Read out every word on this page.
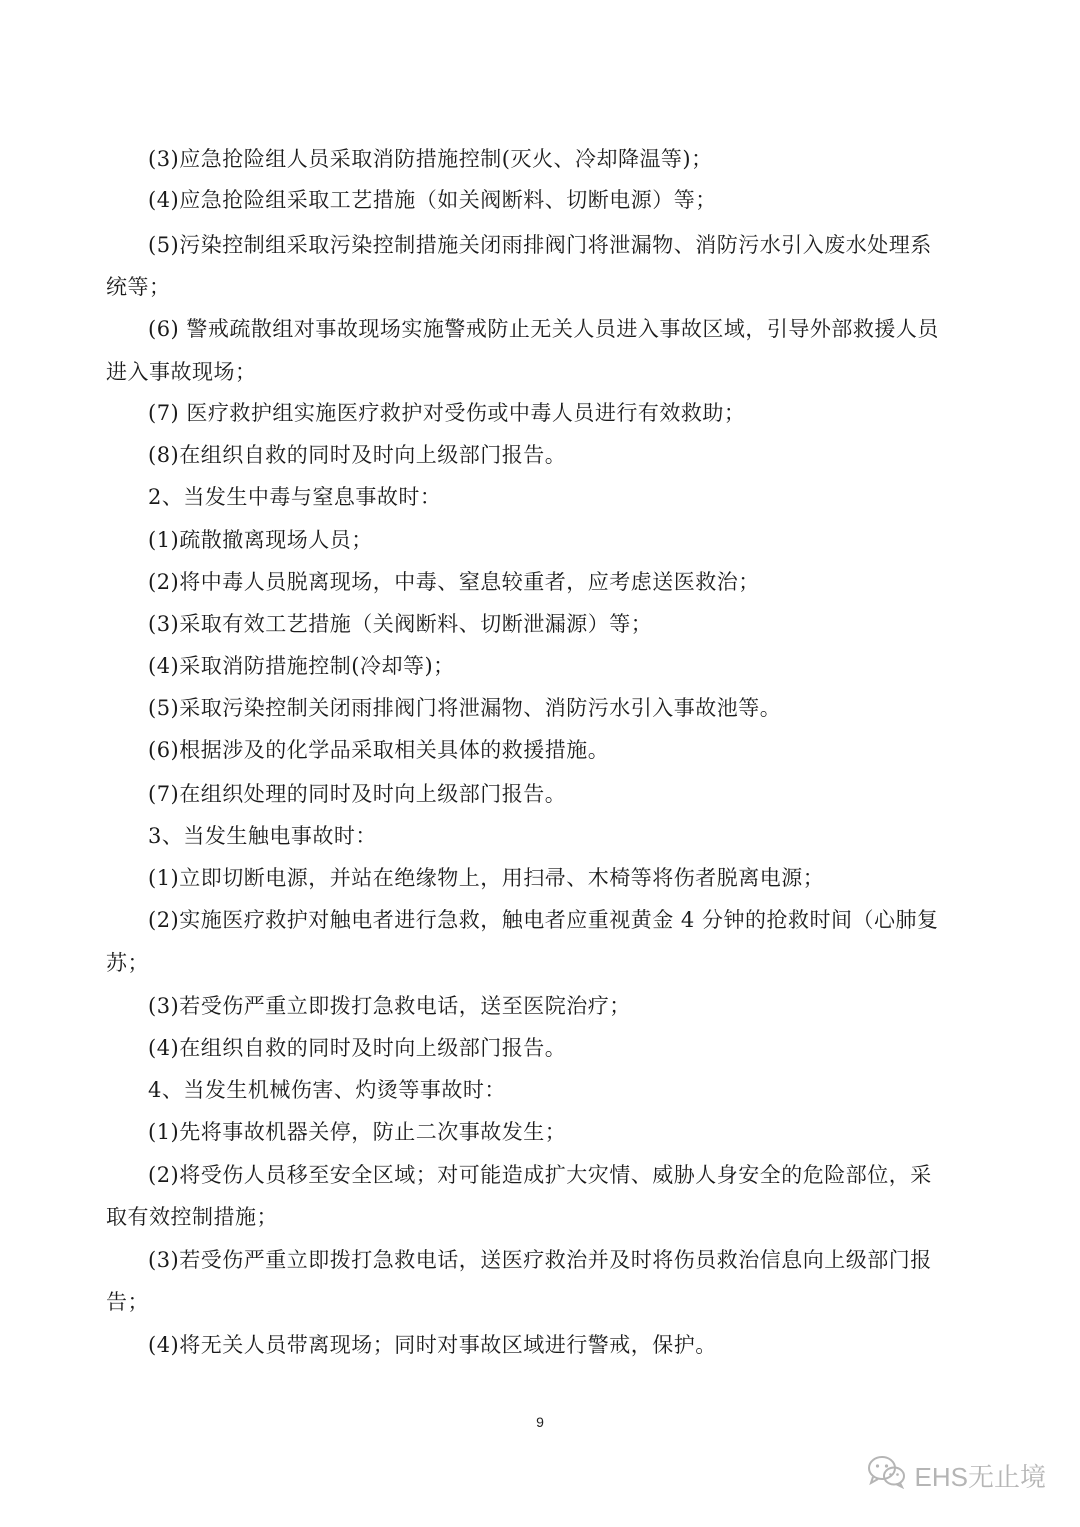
(3)应急抢险组人员采取消防措施控制(灭火、冷却降温等)；
(4)应急抢险组采取工艺措施（如关阀断料、切断电源）等；
(5)污染控制组采取污染控制措施关闭雨排阀门将泄漏物、消防污水引入废水处理系
统等；
(6) 警戒疏散组对事故现场实施警戒防止无关人员进入事故区域，引导外部救援人员
进入事故现场；
(7) 医疗救护组实施医疗救护对受伤或中毒人员进行有效救助；
(8)在组织自救的同时及时向上级部门报告。
2、当发生中毒与窒息事故时：
(1)疏散撤离现场人员；
(2)将中毒人员脱离现场，中毒、窒息较重者，应考虑送医救治；
(3)采取有效工艺措施（关阀断料、切断泄漏源）等；
(4)采取消防措施控制(冷却等)；
(5)采取污染控制关闭雨排阀门将泄漏物、消防污水引入事故池等。
(6)根据涉及的化学品采取相关具体的救援措施。
(7)在组织处理的同时及时向上级部门报告。
3、当发生触电事故时：
(1)立即切断电源，并站在绝缘物上，用扫帚、木椅等将伤者脱离电源；
(2)实施医疗救护对触电者进行急救，触电者应重视黄金 4 分钟的抢救时间（心肺复
苏；
(3)若受伤严重立即拨打急救电话，送至医院治疗；
(4)在组织自救的同时及时向上级部门报告。
4、当发生机械伤害、灼烫等事故时：
(1)先将事故机器关停，防止二次事故发生；
(2)将受伤人员移至安全区域；对可能造成扩大灾情、威胁人身安全的危险部位，采
取有效控制措施；
(3)若受伤严重立即拨打急救电话，送医疗救治并及时将伤员救治信息向上级部门报
告；
(4)将无关人员带离现场；同时对事故区域进行警戒，保护。
9
EHS无止境
